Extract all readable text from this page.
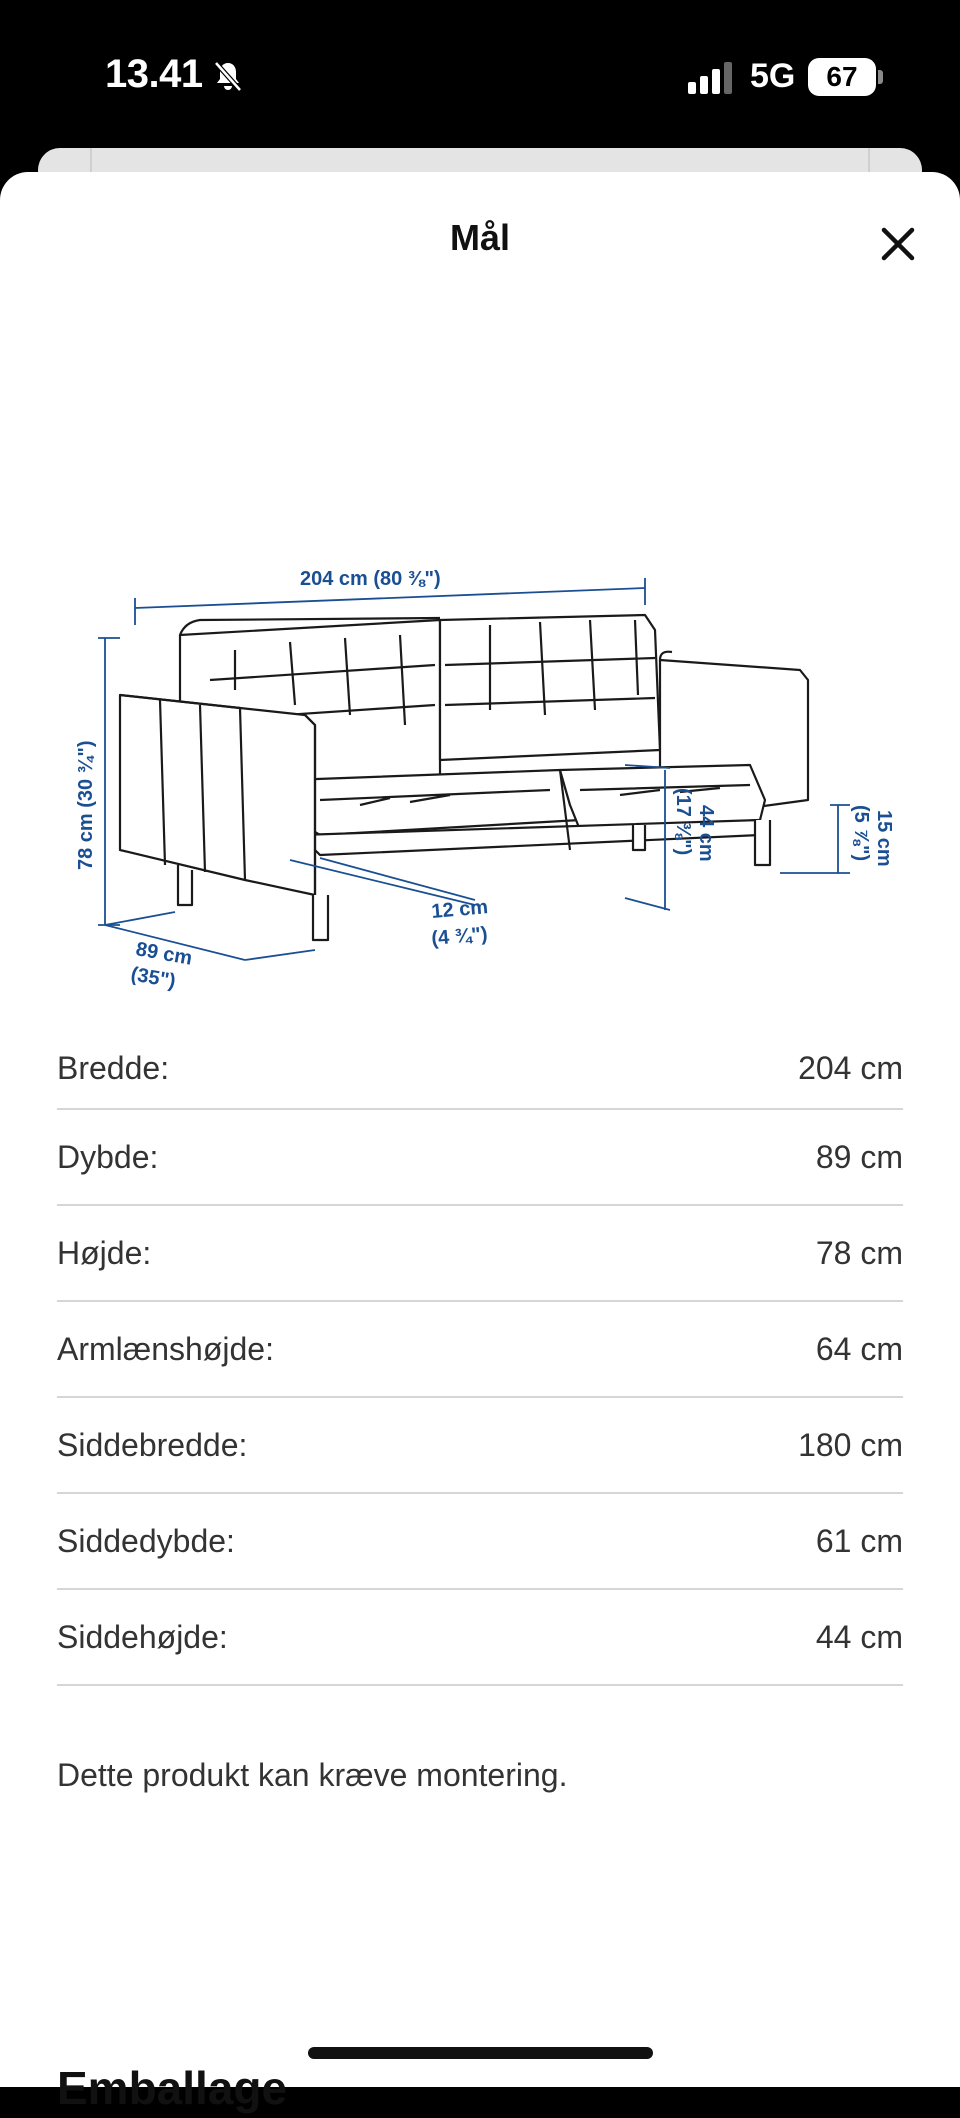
13.41	5G	67
Mål
204 cm (80 ⅜")
78 cm (30 ¾")
89 cm
(35")
12 cm
(4 ¾")
44 cm
(17 ⅜")	15 cm
(5 ⅞")
Bredde:	204 cm
Dybde:	89 cm
Højde:	78 cm
Armlænshøjde:	64 cm
Siddebredde:	180 cm
Siddedybde:	61 cm
Siddehøjde:	44 cm
Dette produkt kan kræve montering.
Emballage
